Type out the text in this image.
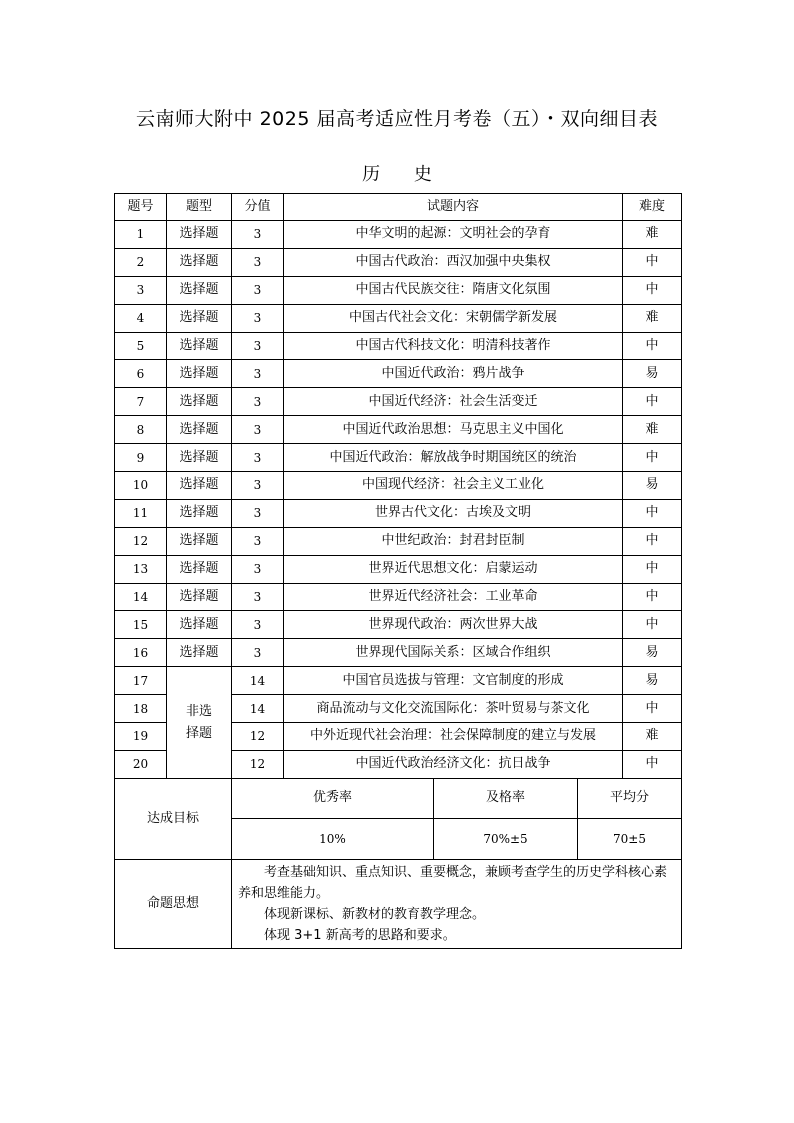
云南师大附中 2025 届高考适应性月考卷（五）・双向细目表
历 史
题号	题型	分值	试题内容			难度
1	选择题	3	中华文明的起源：文明社会的孕育			难
2	选择题	3	中国古代政治：西汉加强中央集权			中
3	选择题	3	中国古代民族交往：隋唐文化氛围			中
4	选择题	3	中国古代社会文化：宋朝儒学新发展			难
5	选择题	3	中国古代科技文化：明清科技著作			中
6	选择题	3	中国近代政治：鸦片战争			易
7	选择题	3	中国近代经济：社会生活变迁			中
8	选择题	3	中国近代政治思想：马克思主义中国化			难
9	选择题	3	中国近代政治：解放战争时期国统区的统治			中
10	选择题	3	中国现代经济：社会主义工业化			易
11	选择题	3	世界古代文化：古埃及文明			中
12	选择题	3	中世纪政治：封君封臣制			中
13	选择题	3	世界近代思想文化：启蒙运动			中
14	选择题	3	世界近代经济社会：工业革命			中
15	选择题	3	世界现代政治：两次世界大战			中
16	选择题	3	世界现代国际关系：区域合作组织			易
17	非选择题	14	中国官员选拔与管理：文官制度的形成			易
18		14	商品流动与文化交流国际化：茶叶贸易与茶文化			中
19		12	中外近现代社会治理：社会保障制度的建立与发展			难
20		12	中国近代政治经济文化：抗日战争			中
达成目标		优秀率		及格率	平均分	
		10%		70%±5	70±5	
命题思想		考查基础知识、重点知识、重要概念，兼顾考查学生的历史学科核心素养和思维能力。
体现新课标、新教材的教育教学理念。
体现 3+1 新高考的思路和要求。				
